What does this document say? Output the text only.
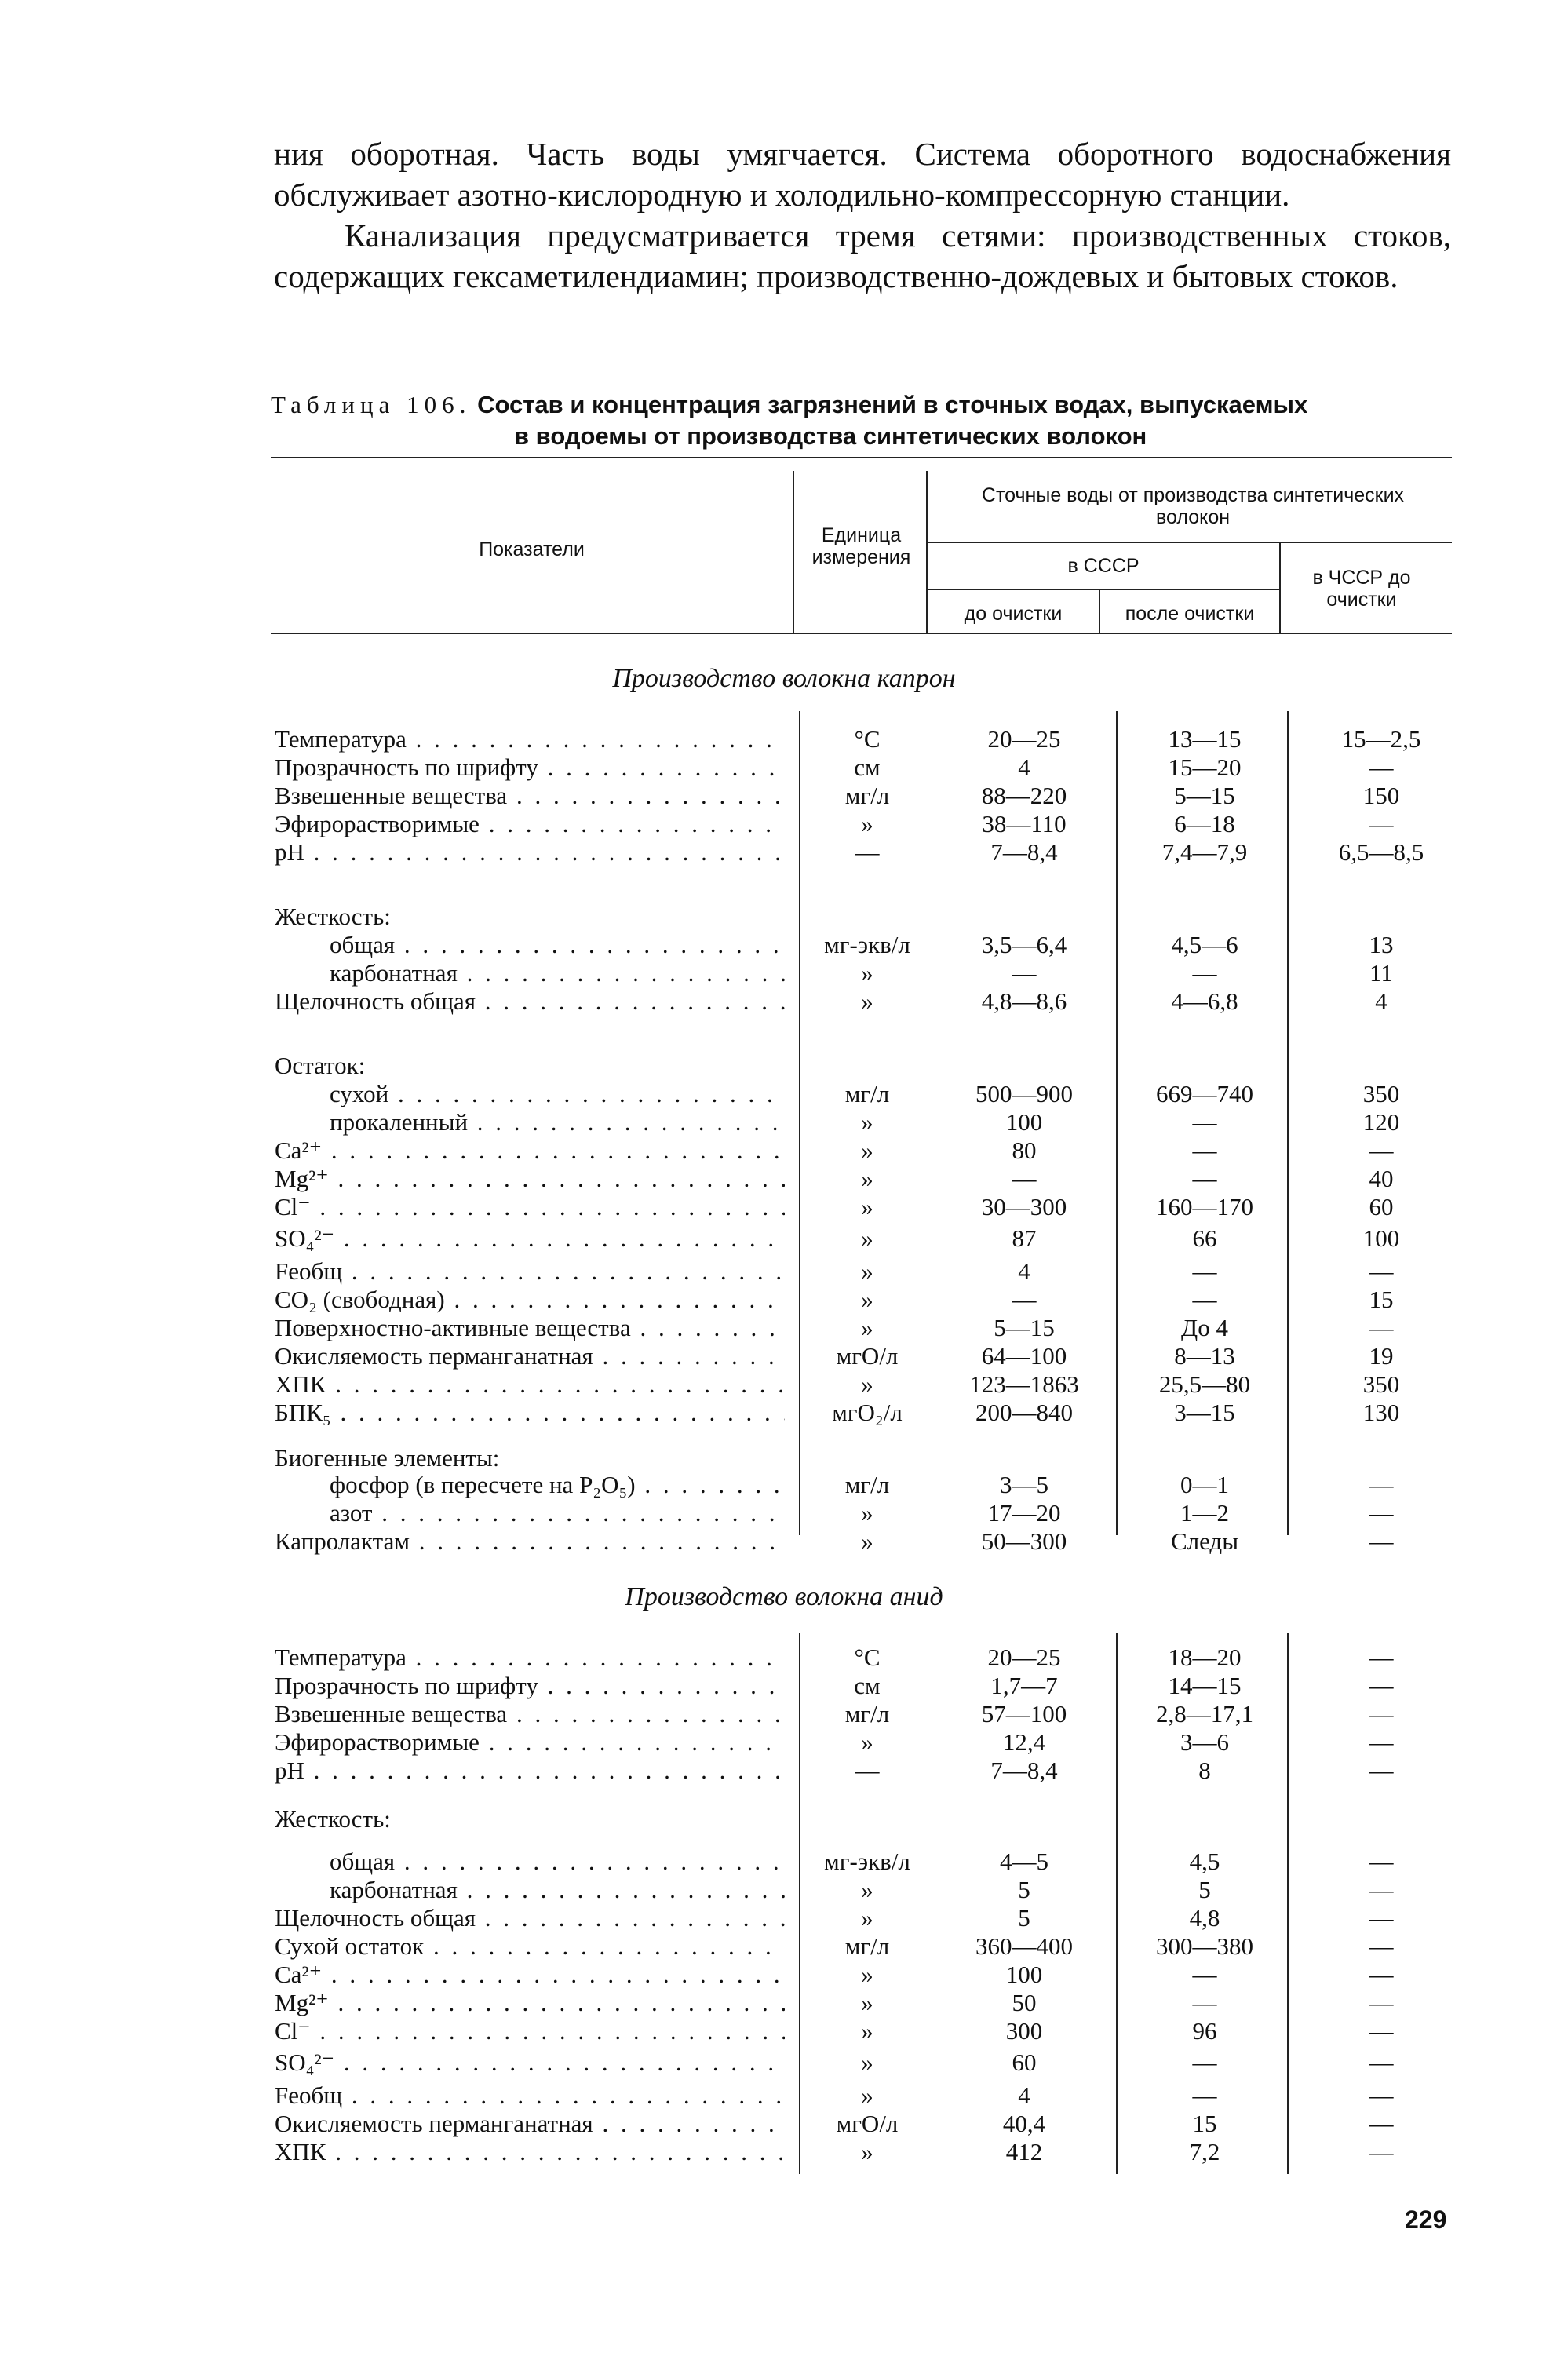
ния оборотная. Часть воды умягчается. Система оборотного водоснабжения обслуживает азотно-кислородную и холодильно-компрессорную станции.

Канализация предусматривается тремя сетями: производственных стоков, содержащих гексаметилендиамин; производственно-дождевых и бытовых стоков.

Таблица 106. Состав и концентрация загрязнений в сточных водах, выпускаемых
в водоемы от производства синтетических волокон
Показатели
Единица измерения
Сточные воды от производства синтетических волокон
в СССР
до очистки	после очистки
в ЧССР до очистки
Производство волокна капрон
Производство волокна анид
Температура . . .	°C	20—25	13—15	15—2,5
Прозрачность по шрифту . . .	см	4	15—20	—
Взвешенные вещества . . .	мг/л	88—220	5—15	150
Эфирорастворимые . . .	»	38—110	6—18	—
pH . . .	—	7—8,4	7,4—7,9	6,5—8,5
Жесткость:
общая . . .	мг-экв/л	3,5—6,4	4,5—6	13
карбонатная . . .	»	—	—	11
Щелочность общая . . .	»	4,8—8,6	4—6,8	4
Остаток:
сухой . . .	мг/л	500—900	669—740	350
прокаленный . . .	»	100	—	120
Ca²⁺ . . .	»	80	—	—
Mg²⁺ . . .	»	—	—	40
Cl⁻ . . .	»	30—300	160—170	60
SO₄²⁻ . . .	»	87	66	100
Feобщ . . .	»	4	—	—
CO₂ (свободная) . . .	»	—	—	15
Поверхностно-активные вещества . . .	»	5—15	До 4	—
Окисляемость перманганатная . . .	мгО/л	64—100	8—13	19
ХПК . . .	»	123—1863	25,5—80	350
БПК₅ . . .	мгО₂/л	200—840	3—15	130
Биогенные элементы:
фосфор (в пересчете на P₂O₅) . . .	мг/л	3—5	0—1	—
азот . . .	»	17—20	1—2	—
Капролактам . . .	»	50—300	Следы	—
Температура . . .	°C	20—25	18—20	—
Прозрачность по шрифту . . .	см	1,7—7	14—15	—
Взвешенные вещества . . .	мг/л	57—100	2,8—17,1	—
Эфирорастворимые . . .	»	12,4	3—6	—
pH . . .	—	7—8,4	8	—
Жесткость:
общая . . .	мг-экв/л	4—5	4,5	—
карбонатная . . .	»	5	5	—
Щелочность общая . . .	»	5	4,8	—
Сухой остаток . . .	мг/л	360—400	300—380	—
Ca²⁺ . . .	»	100	—	—
Mg²⁺ . . .	»	50	—	—
Cl⁻ . . .	»	300	96	—
SO₄²⁻ . . .	»	60	—	—
Feобщ . . .	»	4	—	—
Окисляемость перманганатная . . .	мгО/л	40,4	15	—
ХПК . . .	»	412	7,2	—
229
